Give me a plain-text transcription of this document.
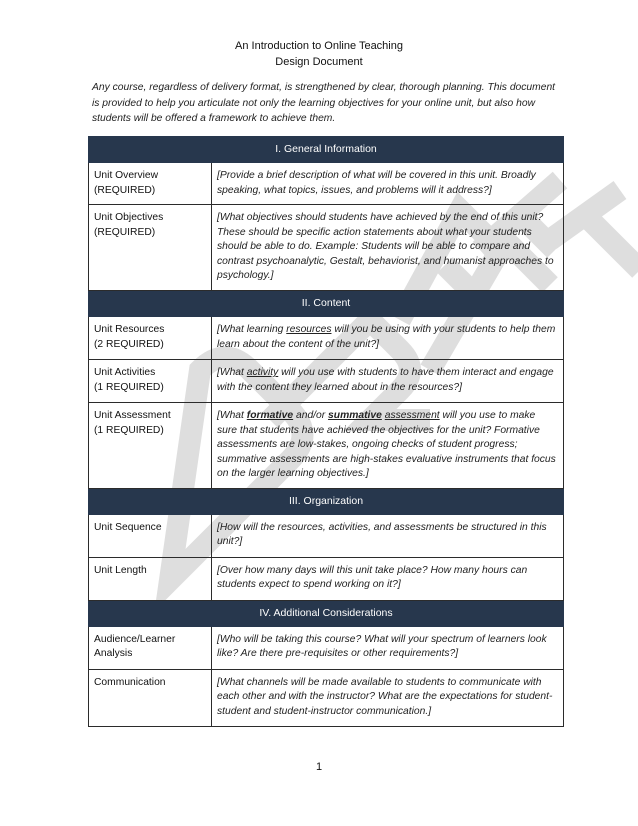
An Introduction to Online Teaching
Design Document
Any course, regardless of delivery format, is strengthened by clear, thorough planning. This document is provided to help you articulate not only the learning objectives for your online unit, but also how students will be offered a framework to achieve them.
I. General Information	
Unit Overview
(REQUIRED)	[Provide a brief description of what will be covered in this unit. Broadly speaking, what topics, issues, and problems will it address?]
Unit Objectives
(REQUIRED)	[What objectives should students have achieved by the end of this unit? These should be specific action statements about what your students should be able to do. Example: Students will be able to compare and contrast psychoanalytic, Gestalt, behaviorist, and humanist approaches to psychology.]
II. Content	
Unit Resources
(2 REQUIRED)	[What learning resources will you be using with your students to help them learn about the content of the unit?]
Unit Activities
(1 REQUIRED)	[What activity will you use with students to have them interact and engage with the content they learned about in the resources?]
Unit Assessment
(1 REQUIRED)	[What formative and/or summative assessment will you use to make sure that students have achieved the objectives for the unit? Formative assessments are low-stakes, ongoing checks of student progress; summative assessments are high-stakes evaluative instruments that focus on the larger learning objectives.]
III. Organization	
Unit Sequence	[How will the resources, activities, and assessments be structured in this unit?]
Unit Length	[Over how many days will this unit take place? How many hours can students expect to spend working on it?]
IV. Additional Considerations	
Audience/Learner
Analysis	[Who will be taking this course? What will your spectrum of learners look like? Are there pre-requisites or other requirements?]
Communication	[What channels will be made available to students to communicate with each other and with the instructor? What are the expectations for student-student and student-instructor communication.]
1
